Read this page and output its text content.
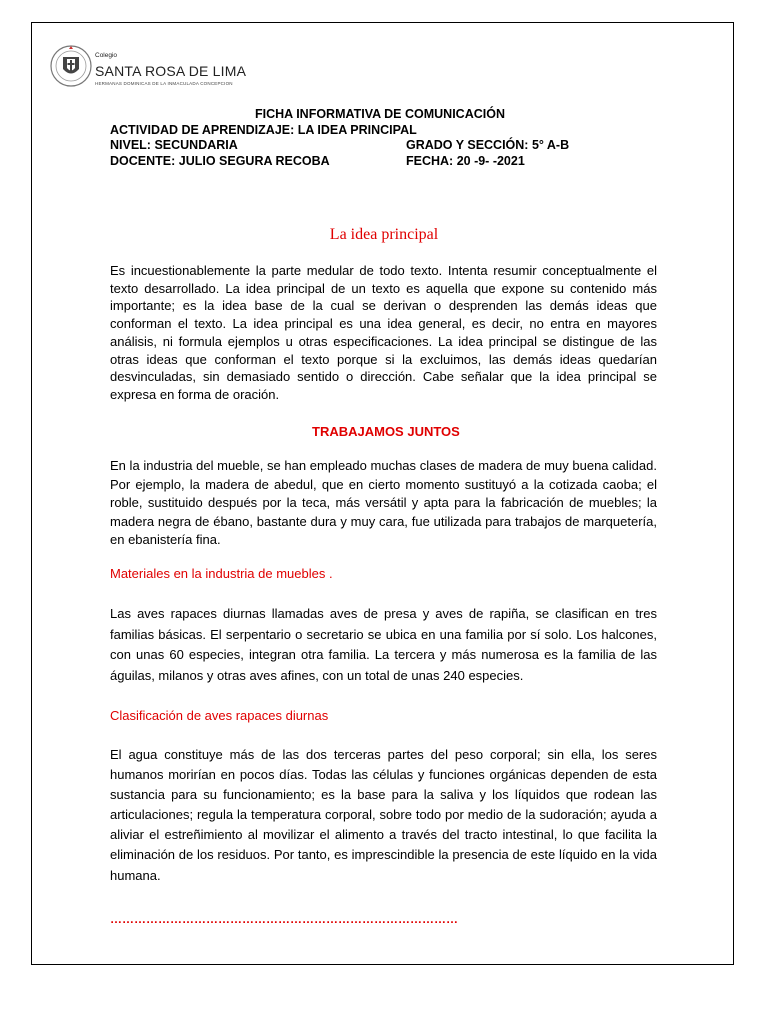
Colegio
SANTA ROSA DE LIMA
HERMANAS DOMINICAS DE LA INMACULADA CONCEPCION
FICHA INFORMATIVA DE COMUNICACIÓN
ACTIVIDAD DE APRENDIZAJE: LA IDEA PRINCIPAL
NIVEL: SECUNDARIA	GRADO Y SECCIÓN: 5° A-B
DOCENTE: JULIO SEGURA RECOBA	FECHA: 20 -9- -2021
La idea principal

Es incuestionablemente la parte medular de todo texto. Intenta resumir conceptualmente el texto desarrollado. La idea principal de un texto es aquella que expone su contenido más importante; es la idea base de la cual se derivan o desprenden las demás ideas que conforman el texto. La idea principal es una idea general, es decir, no entra en mayores análisis, ni formula ejemplos u otras especificaciones. La idea principal se distingue de las otras ideas que conforman el texto porque si la excluimos, las demás ideas quedarían desvinculadas, sin demasiado sentido o dirección. Cabe señalar que la idea principal se expresa en forma de oración.

TRABAJAMOS JUNTOS

En la industria del mueble, se han empleado muchas clases de madera de muy buena calidad. Por ejemplo, la madera de abedul, que en cierto momento sustituyó a la cotizada caoba; el roble, sustituido después por la teca, más versátil y apta para la fabricación de muebles; la madera negra de ébano, bastante dura y muy cara, fue utilizada para trabajos de marquetería, en ebanistería fina.

Materiales en la industria de muebles .

Las aves rapaces diurnas llamadas aves de presa y aves de rapiña, se clasifican en tres familias básicas. El serpentario o secretario se ubica en una familia por sí solo. Los halcones, con unas 60 especies, integran otra familia. La tercera y más numerosa es la familia de las águilas, milanos y otras aves afines, con un total de unas 240 especies.

Clasificación de aves rapaces diurnas

El agua constituye más de las dos terceras partes del peso corporal; sin ella, los seres humanos morirían en pocos días. Todas las células y funciones orgánicas dependen de esta sustancia para su funcionamiento; es la base para la saliva y los líquidos que rodean las articulaciones; regula la temperatura corporal, sobre todo por medio de la sudoración; ayuda a aliviar el estreñimiento al movilizar el alimento a través del tracto intestinal, lo que facilita la eliminación de los residuos. Por tanto, es imprescindible la presencia de este líquido en la vida humana.

……………………………………………………………………………
